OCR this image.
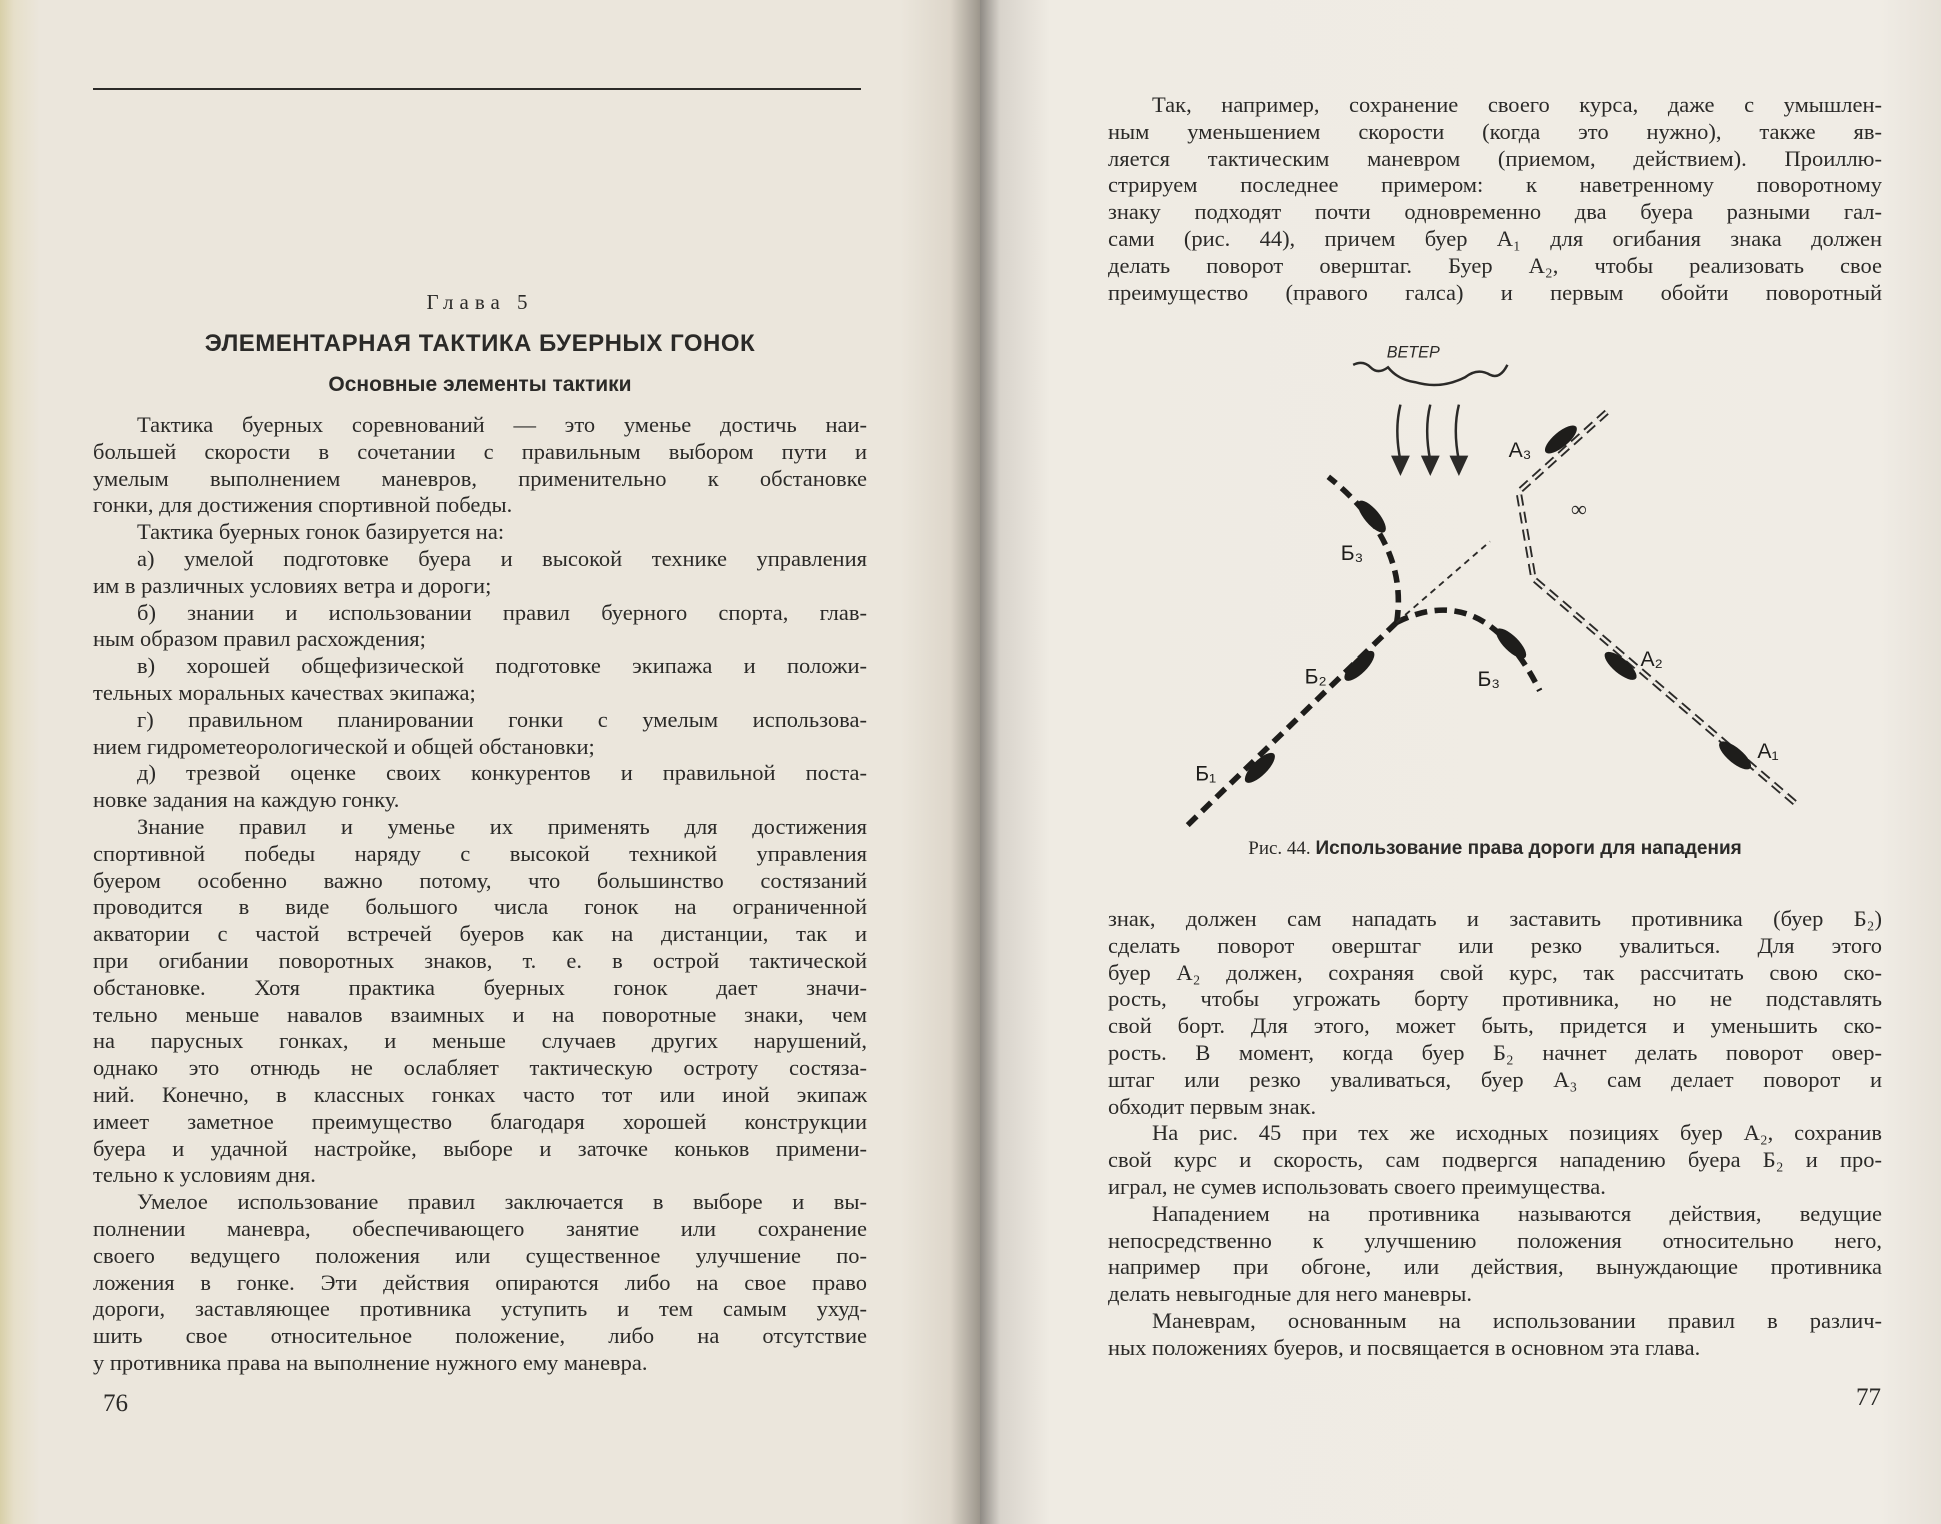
Глава 5
ЭЛЕМЕНТАРНАЯ ТАКТИКА БУЕРНЫХ ГОНОК
Основные элементы тактики
Тактика буерных соревнований — это уменье достичь наи-
большей скорости в сочетании с правильным выбором пути и
умелым выполнением маневров, применительно к обстановке
гонки, для достижения спортивной победы.
Тактика буерных гонок базируется на:
а) умелой подготовке буера и высокой технике управления
им в различных условиях ветра и дороги;
б) знании и использовании правил буерного спорта, глав-
ным образом правил расхождения;
в) хорошей общефизической подготовке экипажа и положи-
тельных моральных качествах экипажа;
г) правильном планировании гонки с умелым использова-
нием гидрометеорологической и общей обстановки;
д) трезвой оценке своих конкурентов и правильной поста-
новке задания на каждую гонку.
Знание правил и уменье их применять для достижения
спортивной победы наряду с высокой техникой управления
буером особенно важно потому, что большинство состязаний
проводится в виде большого числа гонок на ограниченной
акватории с частой встречей буеров как на дистанции, так и
при огибании поворотных знаков, т. е. в острой тактической
обстановке. Хотя практика буерных гонок дает значи-
тельно меньше навалов взаимных и на поворотные знаки, чем
на парусных гонках, и меньше случаев других нарушений,
однако это отнюдь не ослабляет тактическую остроту состяза-
ний. Конечно, в классных гонках часто тот или иной экипаж
имеет заметное преимущество благодаря хорошей конструкции
буера и удачной настройке, выборе и заточке коньков примени-
тельно к условиям дня.
Умелое использование правил заключается в выборе и вы-
полнении маневра, обеспечивающего занятие или сохранение
своего ведущего положения или существенное улучшение по-
ложения в гонке. Эти действия опираются либо на свое право
дороги, заставляющее противника уступить и тем самым ухуд-
шить свое относительное положение, либо на отсутствие
у противника права на выполнение нужного ему маневра.
76
Так, например, сохранение своего курса, даже с умышлен-
ным уменьшением скорости (когда это нужно), также яв-
ляется тактическим маневром (приемом, действием). Проиллю-
стрируем последнее примером: к наветренному поворотному
знаку подходят почти одновременно два буера разными гал-
сами (рис. 44), причем буер A₁ для огибания знака должен
делать поворот оверштаг. Буер A₂, чтобы реализовать свое
преимущество (правого галса) и первым обойти поворотный
ВЕТЕР
∞
Б₁
Б₂	Б₃
Б₃
A₁
A₂
A₃
Рис. 44. Использование права дороги для нападения
знак, должен сам нападать и заставить противника (буер Б₂)
сделать поворот оверштаг или резко увалиться. Для этого
буер A₂ должен, сохраняя свой курс, так рассчитать свою ско-
рость, чтобы угрожать борту противника, но не подставлять
свой борт. Для этого, может быть, придется и уменьшить ско-
рость. В момент, когда буер Б₂ начнет делать поворот овер-
штаг или резко уваливаться, буер A₃ сам делает поворот и
обходит первым знак.
На рис. 45 при тех же исходных позициях буер A₂, сохранив
свой курс и скорость, сам подвергся нападению буера Б₂ и про-
играл, не сумев использовать своего преимущества.
Нападением на противника называются действия, ведущие
непосредственно к улучшению положения относительно него,
например при обгоне, или действия, вынуждающие противника
делать невыгодные для него маневры.
Маневрам, основанным на использовании правил в различ-
ных положениях буеров, и посвящается в основном эта глава.
77
